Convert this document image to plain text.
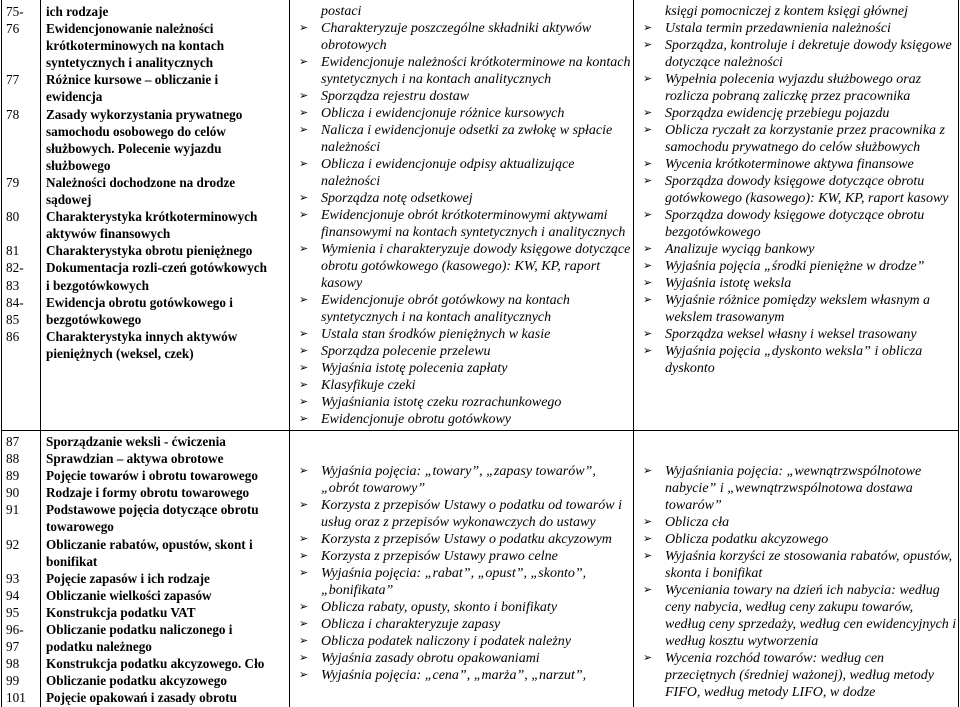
75-
76
77
78

79

80
81
82-
83
84-
85
86
ich rodzaje
Ewidencjonowanie należności
krótkoterminowych na kontach
syntetycznych i analitycznych
Różnice kursowe – obliczanie i
ewidencja
Zasady wykorzystania prywatnego
samochodu osobowego do celów
służbowych. Polecenie wyjazdu
służbowego
Należności dochodzone na drodze
sądowej
Charakterystyka krótkoterminowych
aktywów finansowych
Charakterystyka obrotu pieniężnego
Dokumentacja rozli-czeń gotówkowych
i bezgotówkowych
Ewidencja obrotu gotówkowego i
bezgotówkowego
Charakterystyka innych aktywów
pieniężnych (weksel, czek)
postaci
➢ Charakteryzuje poszczególne składniki aktywów obrotowych
➢ Ewidencjonuje należności krótkoterminowe na kontach syntetycznych i na kontach analitycznych
➢ Sporządza rejestru dostaw
➢ Oblicza i ewidencjonuje różnice kursowych
➢ Nalicza i ewidencjonuje odsetki za zwłokę w spłacie należności
➢ Oblicza i ewidencjonuje odpisy aktualizujące należności
➢ Sporządza notę odsetkowej
➢ Ewidencjonuje obrót krótkoterminowymi aktywami finansowymi na kontach syntetycznych i analitycznych
➢ Wymienia i charakteryzuje dowody księgowe dotyczące obrotu gotówkowego (kasowego): KW, KP, raport kasowy
➢ Ewidencjonuje obrót gotówkowy na kontach syntetycznych i na kontach analitycznych
➢ Ustala stan środków pieniężnych w kasie
➢ Sporządza polecenie przelewu
➢ Wyjaśnia istotę polecenia zapłaty
➢ Klasyfikuje czeki
➢ Wyjaśniania istotę czeku rozrachunkowego
➢ Ewidencjonuje obrotu gotówkowy
księgi pomocniczej z kontem księgi głównej
➢ Ustala termin przedawnienia należności
➢ Sporządza, kontroluje i dekretuje dowody księgowe dotyczące należności
➢ Wypełnia polecenia wyjazdu służbowego oraz rozlicza pobraną zaliczkę przez pracownika
➢ Sporządza ewidencję przebiegu pojazdu
➢ Oblicza ryczałt za korzystanie przez pracownika z samochodu prywatnego do celów służbowych
➢ Wycenia krótkoterminowe aktywa finansowe
➢ Sporządza dowody księgowe dotyczące obrotu gotówkowego (kasowego): KW, KP, raport kasowy
➢ Sporządza dowody księgowe dotyczące obrotu bezgotówkowego
➢ Analizuje wyciąg bankowy
➢ Wyjaśnia pojęcia „środki pieniężne w drodze”
➢ Wyjaśnia istotę weksla
➢ Wyjaśnie różnice pomiędzy wekslem własnym a wekslem trasowanym
➢ Sporządza weksel własny i weksel trasowany
➢ Wyjaśnia pojęcia „dyskonto weksla” i oblicza dyskonto
87
88
89
90
91

92

93
94
95
96-
97
98
99
101
Sporządzanie weksli - ćwiczenia
Sprawdzian – aktywa obrotowe
Pojęcie towarów i obrotu towarowego
Rodzaje i formy obrotu towarowego
Podstawowe pojęcia dotyczące obrotu
towarowego
Obliczanie rabatów, opustów, skont i
bonifikat
Pojęcie zapasów i ich rodzaje
Obliczanie wielkości zapasów
Konstrukcja podatku VAT
Obliczanie podatku naliczonego i
podatku należnego
Konstrukcja podatku akcyzowego. Cło
Obliczanie podatku akcyzowego
Pojęcie opakowań i zasady obrotu
➢ Wyjaśnia pojęcia: „towary”, „zapasy towarów”, „obrót towarowy”
➢ Korzysta z przepisów Ustawy o podatku od towarów i usług oraz z przepisów wykonawczych do ustawy
➢ Korzysta z przepisów Ustawy o podatku akcyzowym
➢ Korzysta z przepisów Ustawy prawo celne
➢ Wyjaśnia pojęcia: „rabat”, „opust”, „skonto”, „bonifikata”
➢ Oblicza rabaty, opusty, skonto i bonifikaty
➢ Oblicza i charakteryzuje zapasy
➢ Oblicza podatek naliczony i podatek należny
➢ Wyjaśnia zasady obrotu opakowaniami
➢ Wyjaśnia pojęcia: „cena”, „marża”, „narzut”,
➢ Wyjaśniania pojęcia: „wewnątrzwspólnotowe nabycie” i „wewnątrzwspólnotowa dostawa towarów”
➢ Oblicza cła
➢ Oblicza podatku akcyzowego
➢ Wyjaśnia korzyści ze stosowania rabatów, opustów, skonta i bonifikat
➢ Wyceniania towary na dzień ich nabycia: według ceny nabycia, według ceny zakupu towarów, według ceny sprzedaży, według cen ewidencyjnych i według kosztu wytworzenia
➢ Wycenia rozchód towarów: według cen przeciętnych (średniej ważonej), według metody FIFO, według metody LIFO, w dodze
